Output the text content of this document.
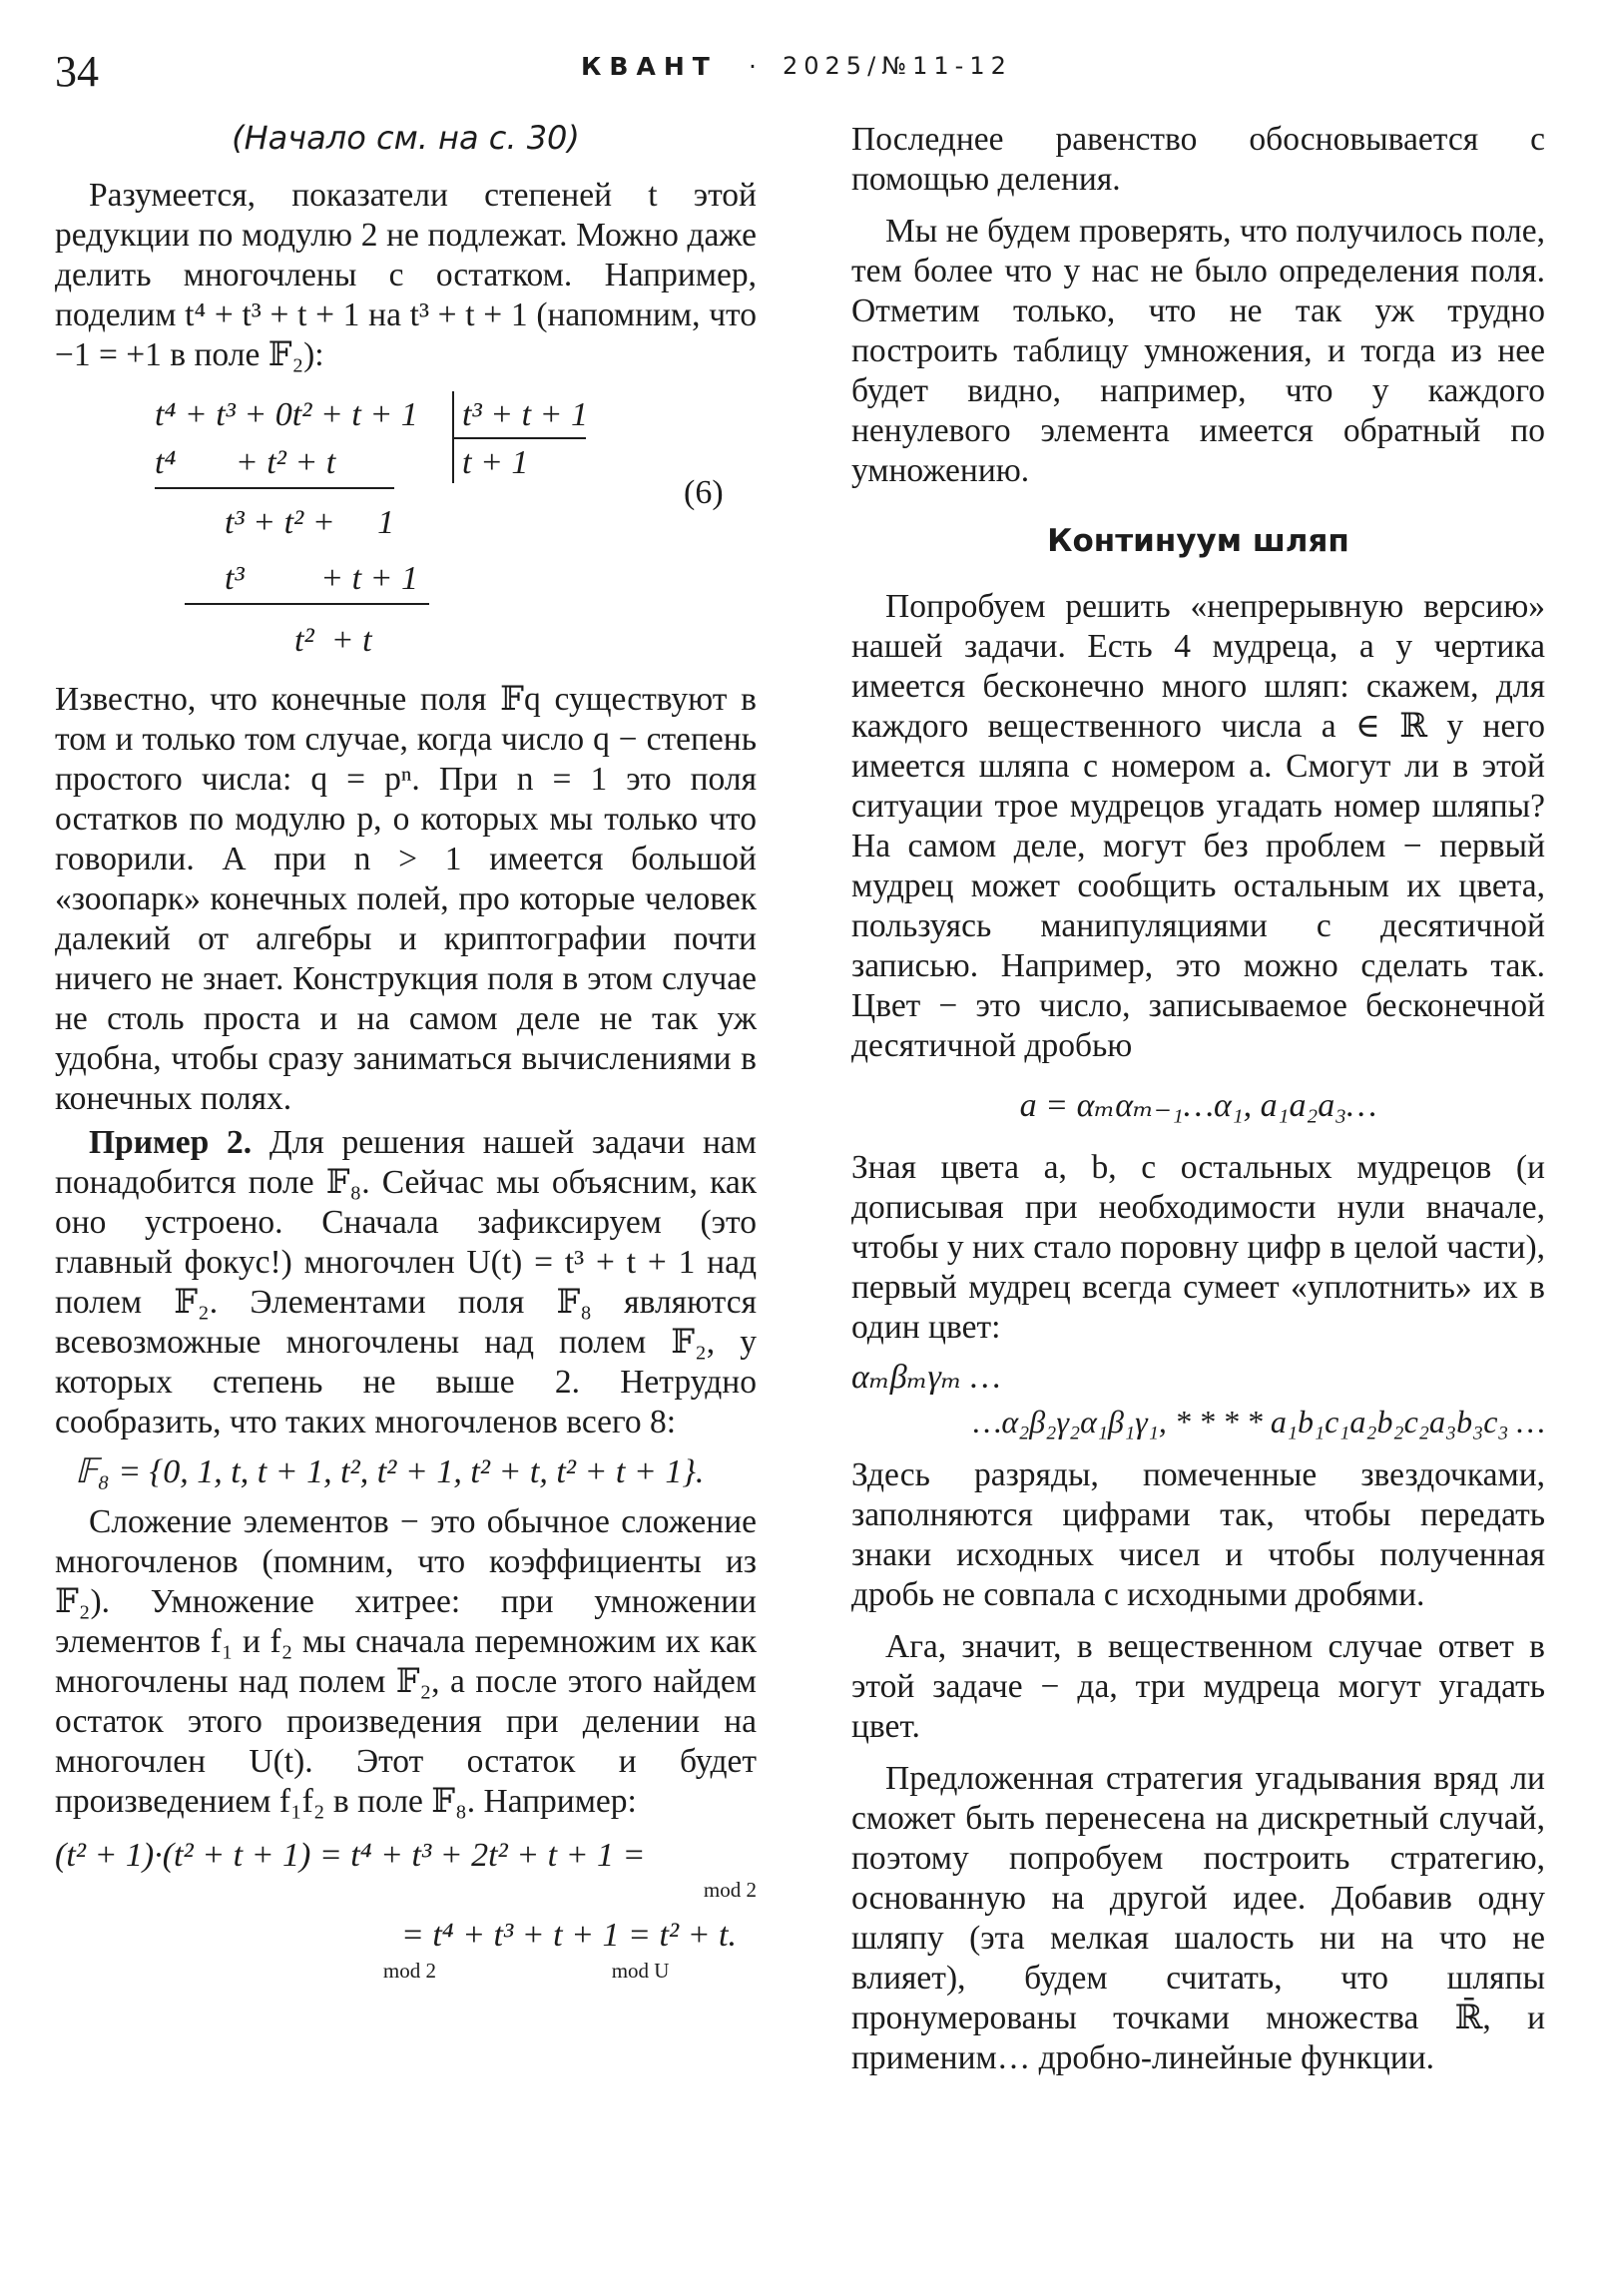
34	КВАНТ · 2025/№11-12
(Начало см. на с. 30)

Разумеется, показатели степеней t этой редукции по модулю 2 не подлежат. Можно даже делить многочлены с остатком. Например, поделим t⁴ + t³ + t + 1 на t³ + t + 1 (напомним, что −1 = +1 в поле 𝔽₂):

t⁴ + t³ + 0t² + t + 1 t³ + t + 1
t⁴       + t² + t	t + 1
t³ + t² +     1
(6)
t³         + t + 1
t²  + t

Известно, что конечные поля 𝔽q существуют в том и только том случае, когда число q − степень простого числа: q = pⁿ. При n = 1 это поля остатков по модулю p, о которых мы только что говорили. А при n > 1 имеется большой «зоопарк» конечных полей, про которые человек далекий от алгебры и криптографии почти ничего не знает. Конструкция поля в этом случае не столь проста и на самом деле не так уж удобна, чтобы сразу заниматься вычислениями в конечных полях.

Пример 2. Для решения нашей задачи нам понадобится поле 𝔽₈. Сейчас мы объясним, как оно устроено. Сначала зафиксируем (это главный фокус!) многочлен U(t) = t³ + t + 1 над полем 𝔽₂. Элементами поля 𝔽₈ являются всевозможные многочлены над полем 𝔽₂, у которых степень не выше 2. Нетрудно сообразить, что таких многочленов всего 8:

𝔽₈ = {0, 1, t, t + 1, t², t² + 1, t² + t, t² + t + 1}.

Сложение элементов − это обычное сложение многочленов (помним, что коэффициенты из 𝔽₂). Умножение хитрее: при умножении элементов f₁ и f₂ мы сначала перемножим их как многочлены над полем 𝔽₂, а после этого найдем остаток этого произведения при делении на многочлен U(t). Этот остаток и будет произведением f₁f₂ в поле 𝔽₈. Например:

(t² + 1)·(t² + t + 1) = t⁴ + t³ + 2t² + t + 1 =
mod 2
=
mod 2
t⁴ + t³ + t + 1 =
mod U
t² + t.

Последнее равенство обосновывается с помощью деления.

Мы не будем проверять, что получилось поле, тем более что у нас не было определения поля. Отметим только, что не так уж трудно построить таблицу умножения, и тогда из нее будет видно, например, что у каждого ненулевого элемента имеется обратный по умножению.

Континуум шляп

Попробуем решить «непрерывную версию» нашей задачи. Есть 4 мудреца, а у чертика имеется бесконечно много шляп: скажем, для каждого вещественного числа a ∈ ℝ у него имеется шляпа с номером a. Смогут ли в этой ситуации трое мудрецов угадать номер шляпы? На самом деле, могут без проблем − первый мудрец может сообщить остальным их цвета, пользуясь манипуляциями с десятичной записью. Например, это можно сделать так. Цвет − это число, записываемое бесконечной десятичной дробью

a = αₘαₘ₋₁…α₁, a₁a₂a₃…

Зная цвета a, b, c остальных мудрецов (и дописывая при необходимости нули вначале, чтобы у них стало поровну цифр в целой части), первый мудрец всегда сумеет «уплотнить» их в один цвет:

αₘβₘγₘ …
…α₂β₂γ₂α₁β₁γ₁, * * * * a₁b₁c₁a₂b₂c₂a₃b₃c₃ …

Здесь разряды, помеченные звездочками, заполняются цифрами так, чтобы передать знаки исходных чисел и чтобы полученная дробь не совпала с исходными дробями.

Ага, значит, в вещественном случае ответ в этой задаче − да, три мудреца могут угадать цвет.

Предложенная стратегия угадывания вряд ли сможет быть перенесена на дискретный случай, поэтому попробуем построить стратегию, основанную на другой идее. Добавив одну шляпу (эта мелкая шалость ни на что не влияет), будем считать, что шляпы пронумерованы точками множества ℝ̄, и применим… дробно-линейные функции.
